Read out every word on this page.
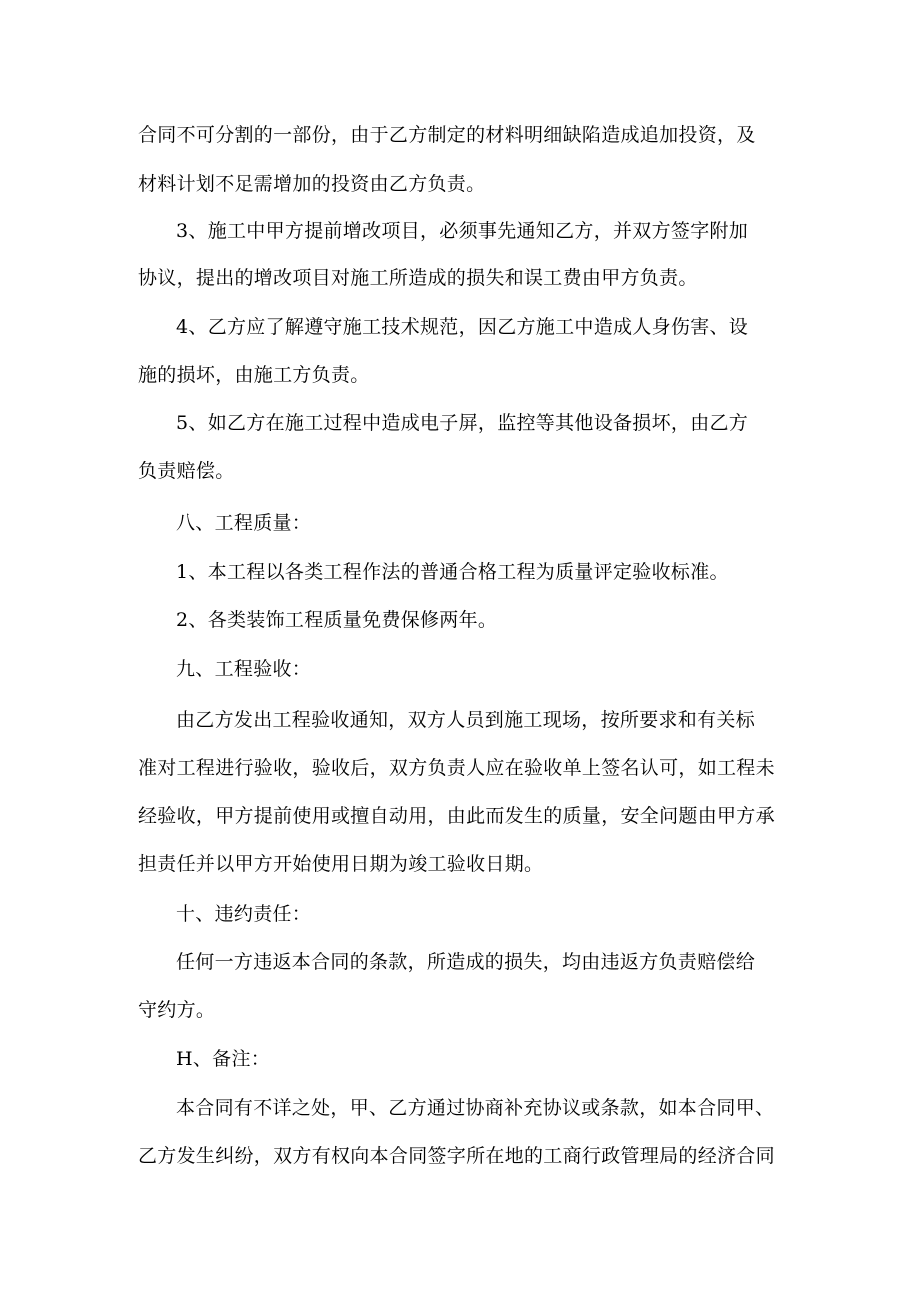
合同不可分割的一部份，由于乙方制定的材料明细缺陷造成追加投资，及
材料计划不足需增加的投资由乙方负责。
3、施工中甲方提前增改项目，必须事先通知乙方，并双方签字附加
协议，提出的增改项目对施工所造成的损失和误工费由甲方负责。
4、乙方应了解遵守施工技术规范，因乙方施工中造成人身伤害、设
施的损坏，由施工方负责。
5、如乙方在施工过程中造成电子屏，监控等其他设备损坏，由乙方
负责赔偿。
八、工程质量：
1、本工程以各类工程作法的普通合格工程为质量评定验收标准。
2、各类装饰工程质量免费保修两年。
九、工程验收：
由乙方发出工程验收通知，双方人员到施工现场，按所要求和有关标
准对工程进行验收，验收后，双方负责人应在验收单上签名认可，如工程未
经验收，甲方提前使用或擅自动用，由此而发生的质量，安全问题由甲方承
担责任并以甲方开始使用日期为竣工验收日期。
十、违约责任：
任何一方违返本合同的条款，所造成的损失，均由违返方负责赔偿给
守约方。
H、备注：
本合同有不详之处，甲、乙方通过协商补充协议或条款，如本合同甲、
乙方发生纠纷，双方有权向本合同签字所在地的工商行政管理局的经济合同
